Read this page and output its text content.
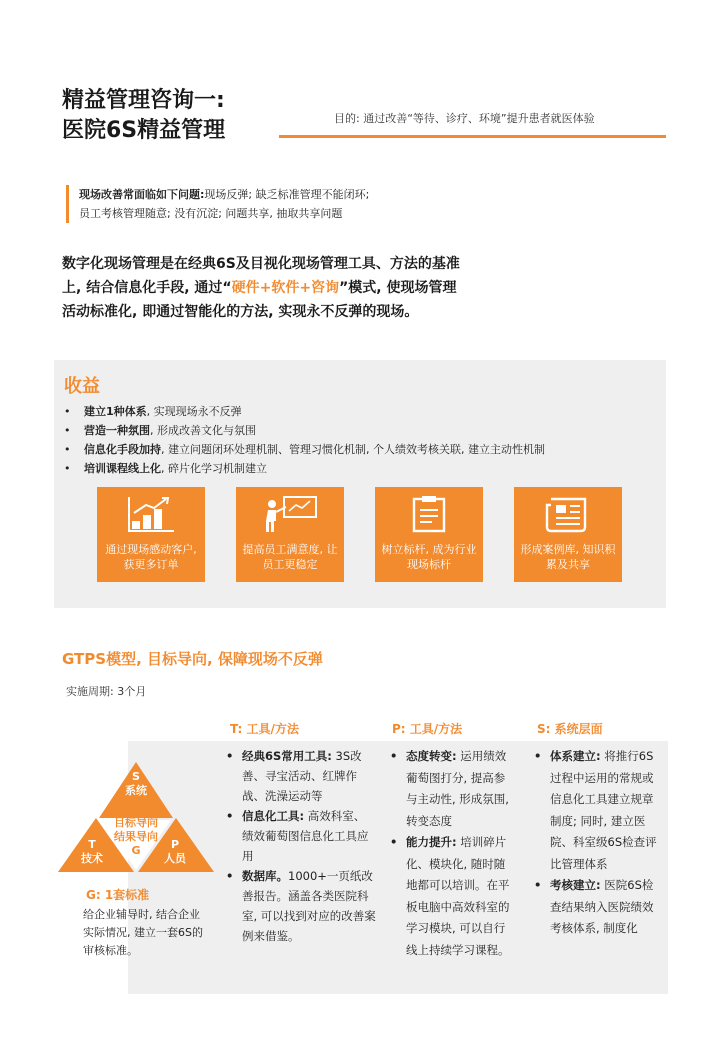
精益管理咨询一:
医院6S精益管理	目的: 通过改善“等待、诊疗、环境”提升患者就医体验
现场改善常面临如下问题:现场反弹; 缺乏标准管理不能闭环;
员工考核管理随意; 没有沉淀; 问题共享, 抽取共享问题
数字化现场管理是在经典6S及目视化现场管理工具、方法的基准上, 结合信息化手段, 通过“硬件+软件+咨询”模式, 使现场管理活动标准化, 即通过智能化的方法, 实现永不反弹的现场。
收益
• 建立1种体系, 实现现场永不反弹
• 营造一种氛围, 形成改善文化与氛围
• 信息化手段加持, 建立问题闭环处理机制、管理习惯化机制, 个人绩效考核关联, 建立主动性机制
• 培训课程线上化, 碎片化学习机制建立
通过现场感动客户, 获更多订单
提高员工满意度, 让员工更稳定
树立标杆, 成为行业现场标杆
形成案例库, 知识积累及共享
GTPS模型, 目标导向, 保障现场不反弹
实施周期: 3个月
S
系统
T
技术
P
人员
目标导向
结果导向
G
G: 1套标准
给企业辅导时, 结合企业实际情况, 建立一套6S的审核标准。
T: 工具/方法	P: 工具/方法	S: 系统层面
• 经典6S常用工具: 3S改善、寻宝活动、红牌作战、洗澡运动等
• 信息化工具: 高效科室、绩效葡萄图信息化工具应用
• 数据库。1000+一页纸改善报告。涵盖各类医院科室, 可以找到对应的改善案例来借鉴。
• 态度转变: 运用绩效葡萄图打分, 提高参与主动性, 形成氛围, 转变态度
• 能力提升: 培训碎片化、模块化, 随时随地都可以培训。在平板电脑中高效科室的学习模块, 可以自行线上持续学习课程。
• 体系建立: 将推行6S过程中运用的常规或信息化工具建立规章制度; 同时, 建立医院、科室级6S检查评比管理体系
• 考核建立: 医院6S检查结果纳入医院绩效考核体系, 制度化
